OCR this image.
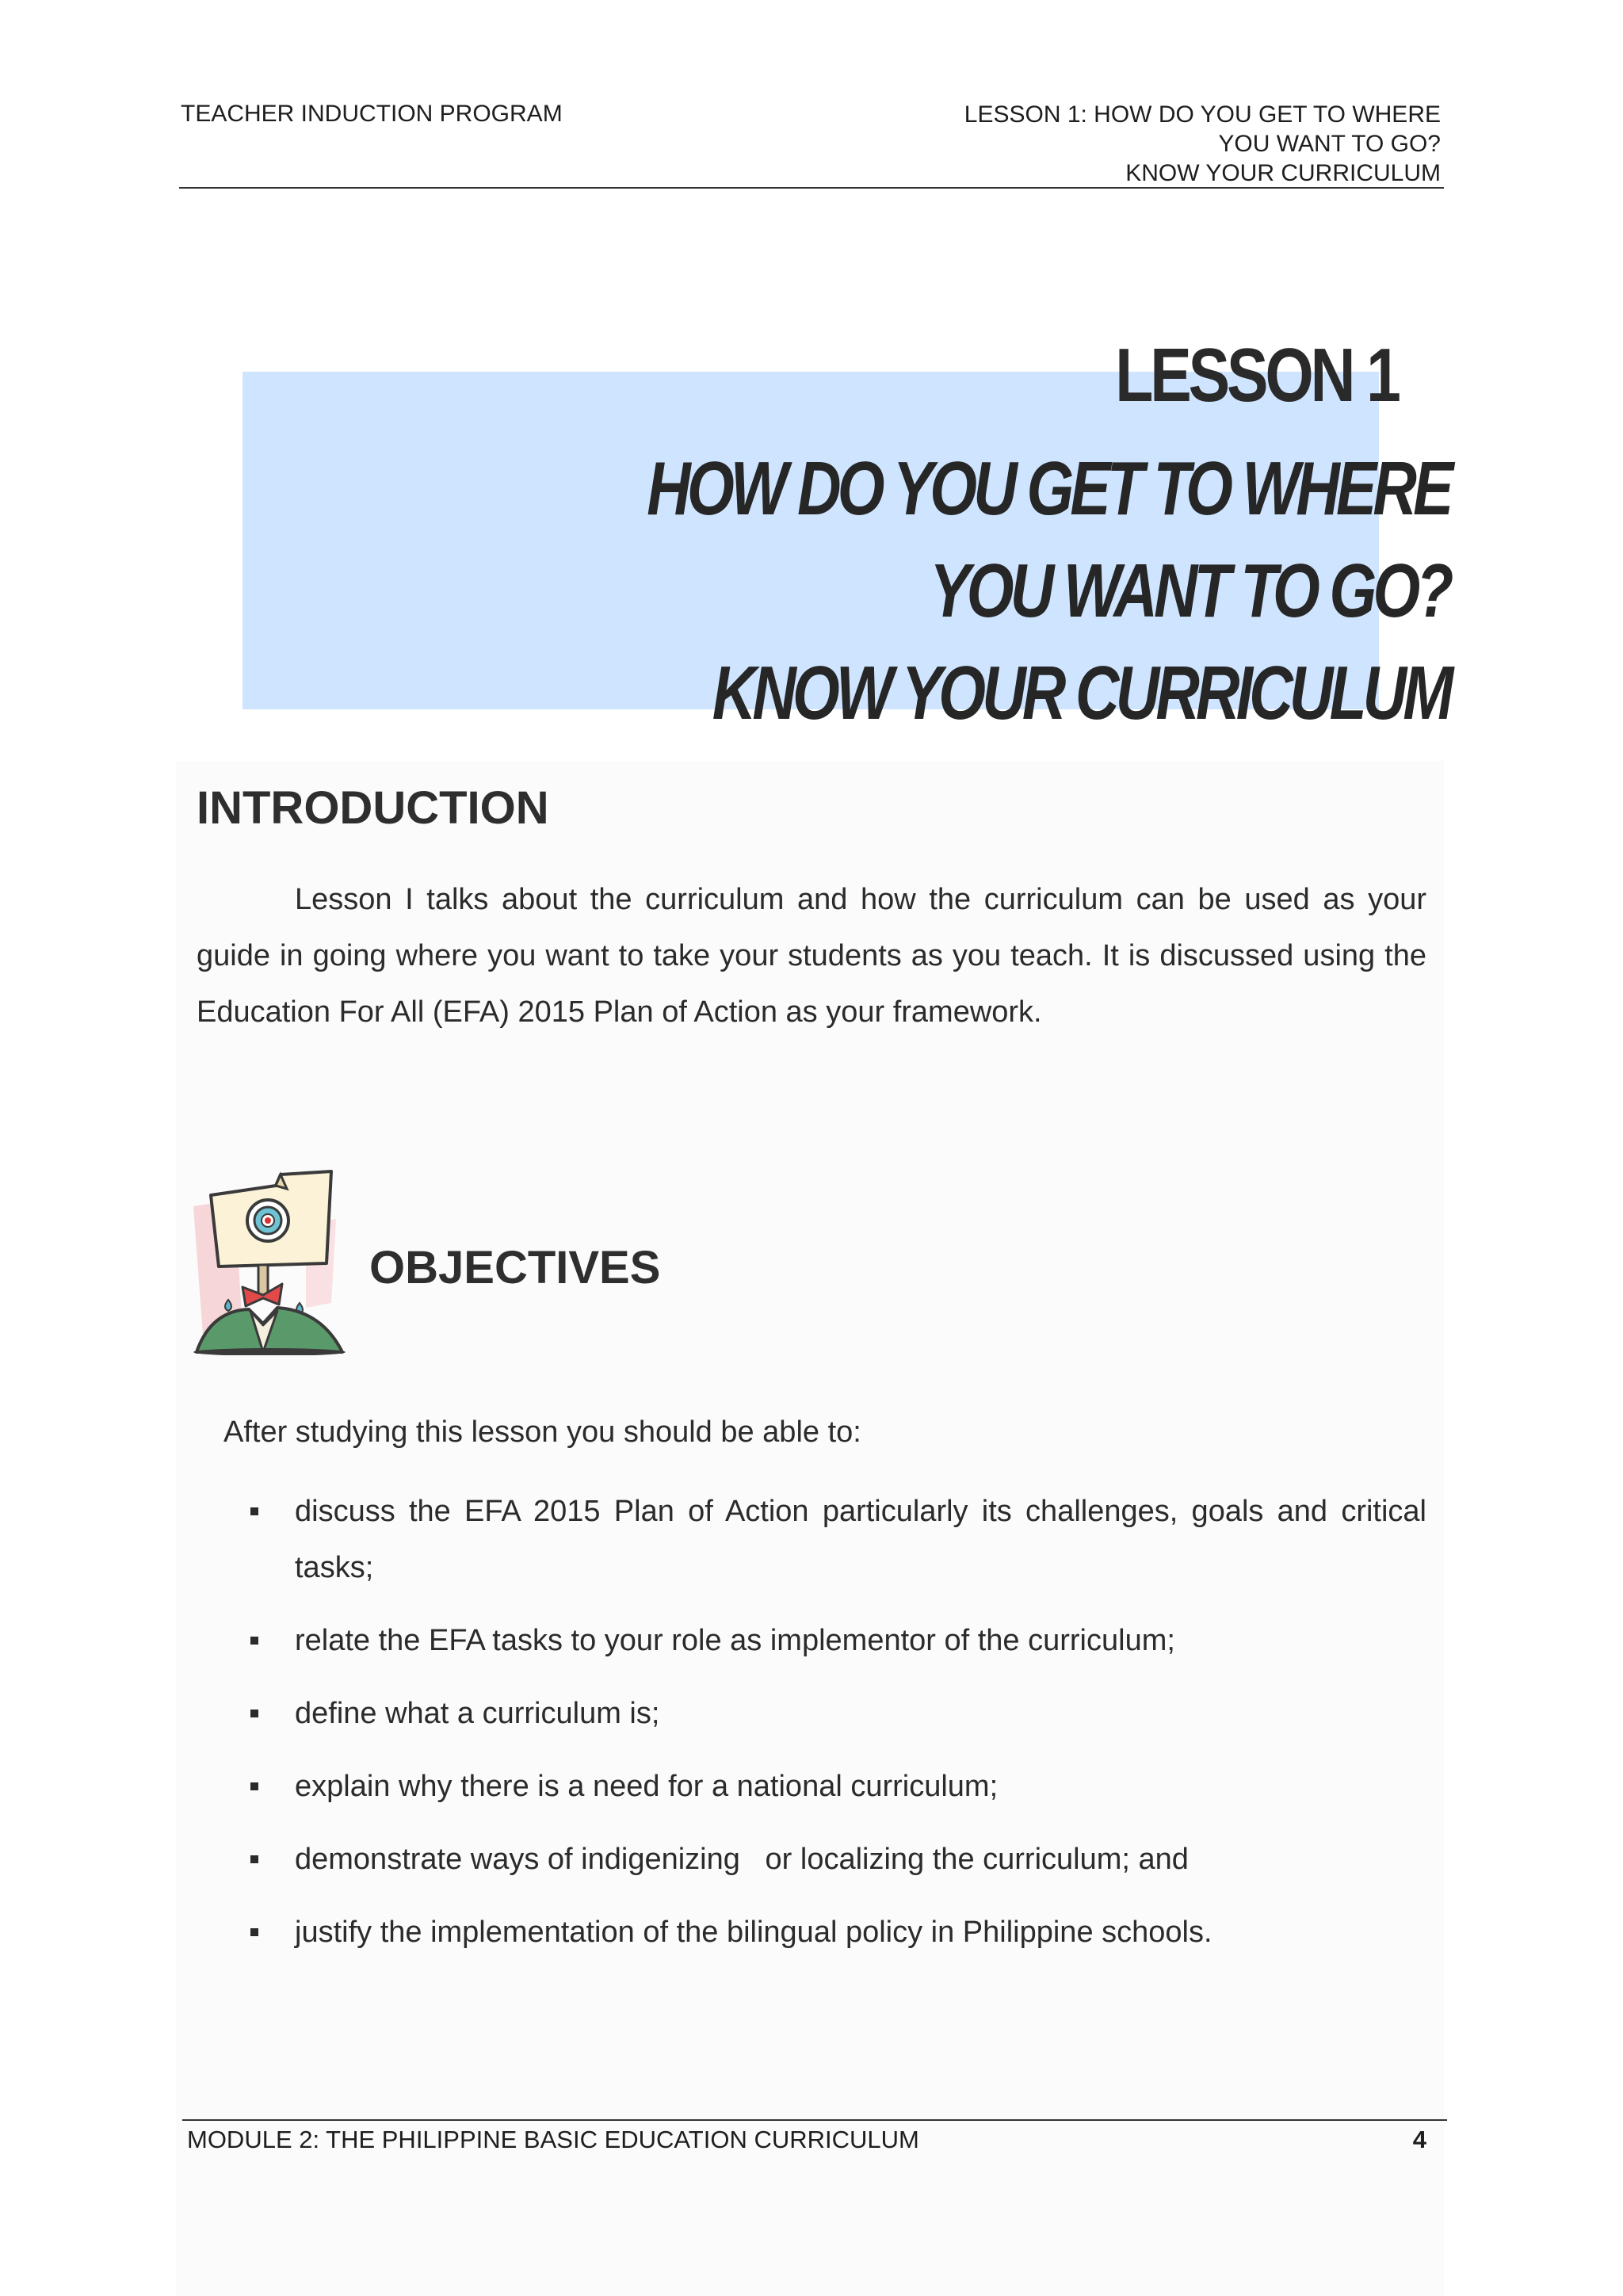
TEACHER INDUCTION PROGRAM	LESSON 1: HOW DO YOU GET TO WHERE
YOU WANT TO GO?
KNOW YOUR CURRICULUM
LESSON 1
HOW DO YOU GET TO WHERE
YOU WANT TO GO?
KNOW YOUR CURRICULUM
INTRODUCTION
Lesson I talks about the curriculum and how the curriculum can be used as your guide in going where you want to take your students as you teach. It is discussed using the Education For All (EFA) 2015 Plan of Action as your framework.
OBJECTIVES
After studying this lesson you should be able to:
discuss the EFA 2015 Plan of Action particularly its challenges, goals and critical tasks;
relate the EFA tasks to your role as implementor of the curriculum;
define what a curriculum is;
explain why there is a need for a national curriculum;
demonstrate ways of indigenizing   or localizing the curriculum; and
justify the implementation of the bilingual policy in Philippine schools.
MODULE 2: THE PHILIPPINE BASIC EDUCATION CURRICULUM	4
